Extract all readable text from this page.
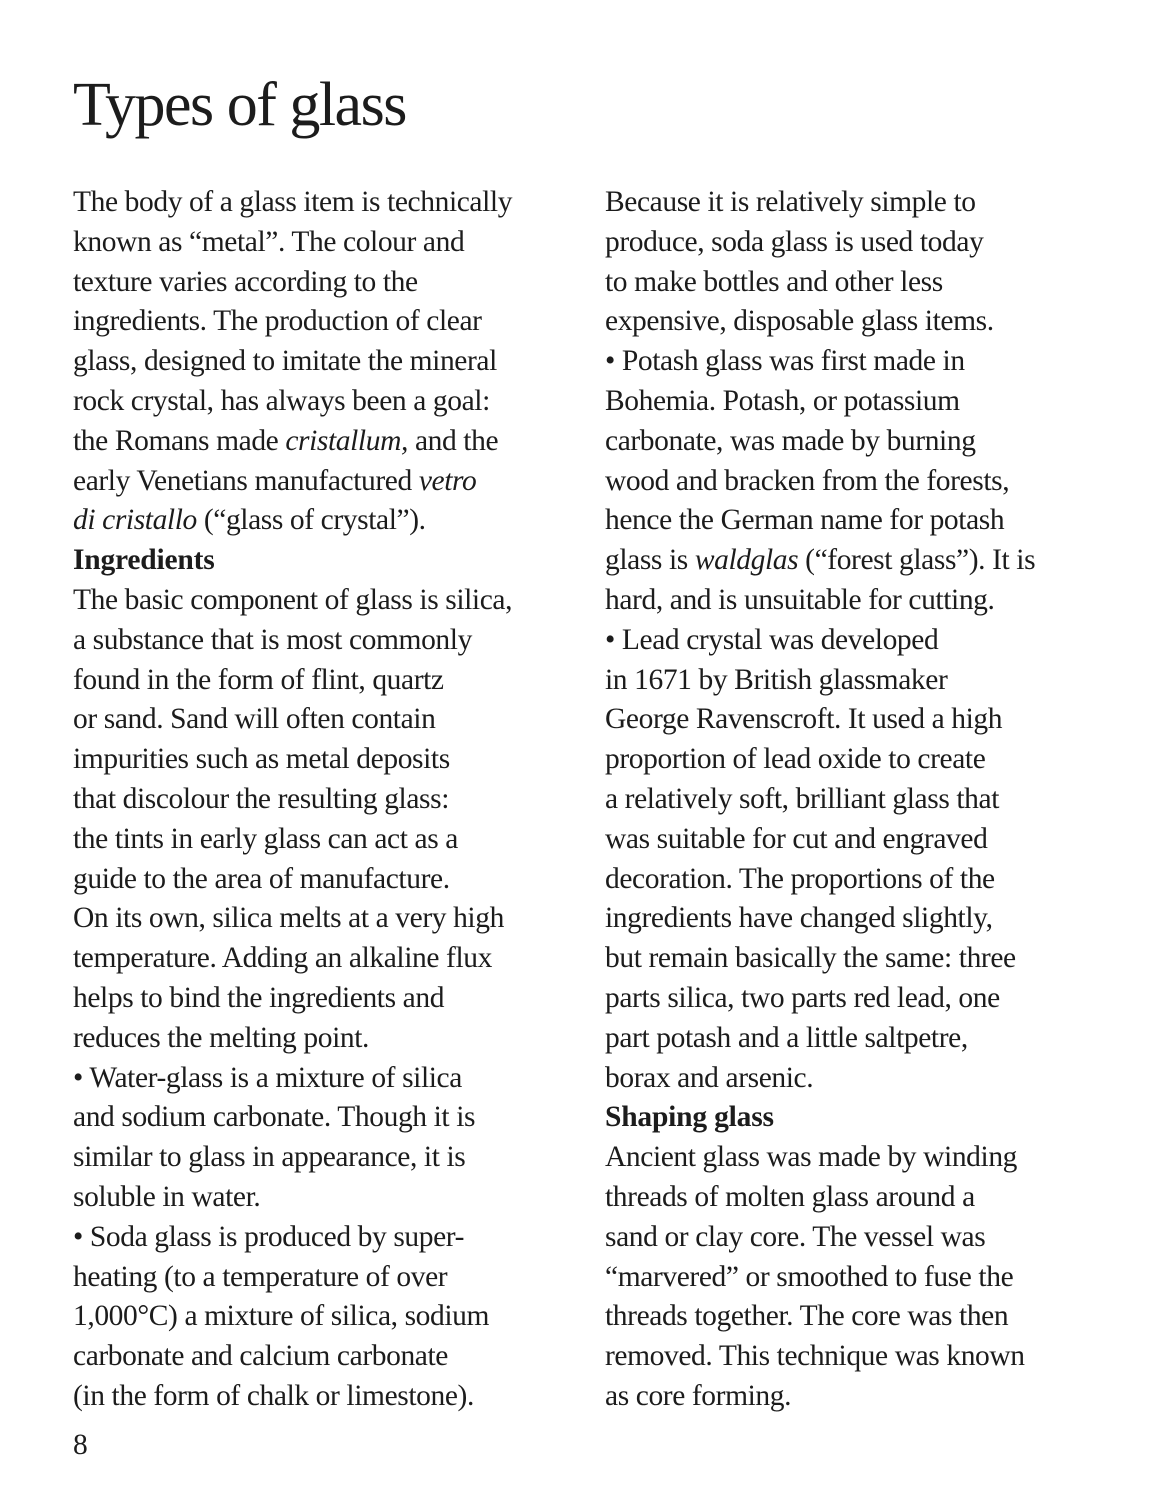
Types of glass
The body of a glass item is technically
known as “metal”. The colour and
texture varies according to the
ingredients. The production of clear
glass, designed to imitate the mineral
rock crystal, has always been a goal:
the Romans made cristallum, and the
early Venetians manufactured vetro
di cristallo (“glass of crystal”).
Ingredients
The basic component of glass is silica,
a substance that is most commonly
found in the form of flint, quartz
or sand. Sand will often contain
impurities such as metal deposits
that discolour the resulting glass:
the tints in early glass can act as a
guide to the area of manufacture.
On its own, silica melts at a very high
temperature. Adding an alkaline flux
helps to bind the ingredients and
reduces the melting point.
• Water-glass is a mixture of silica
and sodium carbonate. Though it is
similar to glass in appearance, it is
soluble in water.
• Soda glass is produced by super-
heating (to a temperature of over
1,000°C) a mixture of silica, sodium
carbonate and calcium carbonate
(in the form of chalk or limestone).
Because it is relatively simple to
produce, soda glass is used today
to make bottles and other less
expensive, disposable glass items.
• Potash glass was first made in
Bohemia. Potash, or potassium
carbonate, was made by burning
wood and bracken from the forests,
hence the German name for potash
glass is waldglas (“forest glass”). It is
hard, and is unsuitable for cutting.
• Lead crystal was developed
in 1671 by British glassmaker
George Ravenscroft. It used a high
proportion of lead oxide to create
a relatively soft, brilliant glass that
was suitable for cut and engraved
decoration. The proportions of the
ingredients have changed slightly,
but remain basically the same: three
parts silica, two parts red lead, one
part potash and a little saltpetre,
borax and arsenic.
Shaping glass
Ancient glass was made by winding
threads of molten glass around a
sand or clay core. The vessel was
“marvered” or smoothed to fuse the
threads together. The core was then
removed. This technique was known
as core forming.
8
